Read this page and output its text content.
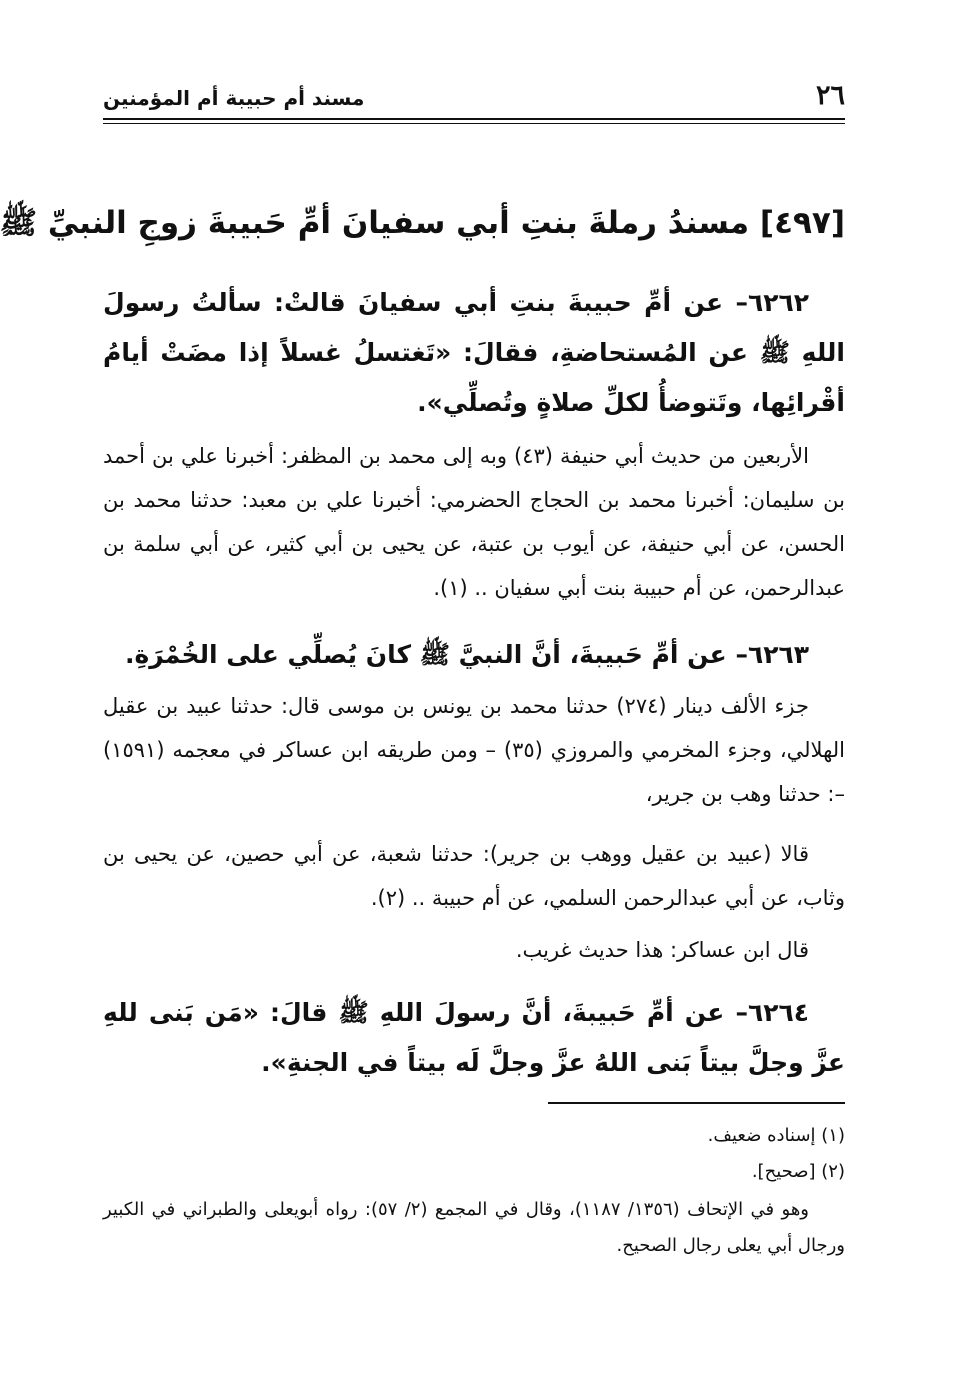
٢٦
مسند أم حبيبة أم المؤمنين
[٤٩٧] مسندُ رملةَ بنتِ أبي سفيانَ أمِّ حَبيبةَ زوجِ النبيِّ ﷺ
٦٢٦٢– عن أمِّ حبيبةَ بنتِ أبي سفيانَ قالتْ: سألتُ رسولَ اللهِ ﷺ عن المُستحاضةِ، فقالَ: «تَغتسلُ غسلاً إذا مضَتْ أيامُ أقْرائِها، وتَتوضأُ لكلِّ صلاةٍ وتُصلِّي».
الأربعين من حديث أبي حنيفة (٤٣) وبه إلى محمد بن المظفر: أخبرنا علي بن أحمد بن سليمان: أخبرنا محمد بن الحجاج الحضرمي: أخبرنا علي بن معبد: حدثنا محمد بن الحسن، عن أبي حنيفة، عن أيوب بن عتبة، عن يحيى بن أبي كثير، عن أبي سلمة بن عبدالرحمن، عن أم حبيبة بنت أبي سفيان .. (١).
٦٢٦٣– عن أمِّ حَبيبةَ، أنَّ النبيَّ ﷺ كانَ يُصلِّي على الخُمْرَةِ.
جزء الألف دينار (٢٧٤) حدثنا محمد بن يونس بن موسى قال: حدثنا عبيد بن عقيل الهلالي، وجزء المخرمي والمروزي (٣٥) – ومن طريقه ابن عساكر في معجمه (١٥٩١) –: حدثنا وهب بن جرير،
قالا (عبيد بن عقيل ووهب بن جرير): حدثنا شعبة، عن أبي حصين، عن يحيى بن وثاب، عن أبي عبدالرحمن السلمي، عن أم حبيبة .. (٢).
قال ابن عساكر: هذا حديث غريب.
٦٢٦٤– عن أمِّ حَبيبةَ، أنَّ رسولَ اللهِ ﷺ قالَ: «مَن بَنى للهِ عزَّ وجلَّ بيتاً بَنى اللهُ عزَّ وجلَّ لَه بيتاً في الجنةِ».
(١) إسناده ضعيف.
(٢) [صحيح].
وهو في الإتحاف (١٣٥٦/ ١١٨٧)، وقال في المجمع (٢/ ٥٧): رواه أبويعلى والطبراني في الكبير ورجال أبي يعلى رجال الصحيح.
